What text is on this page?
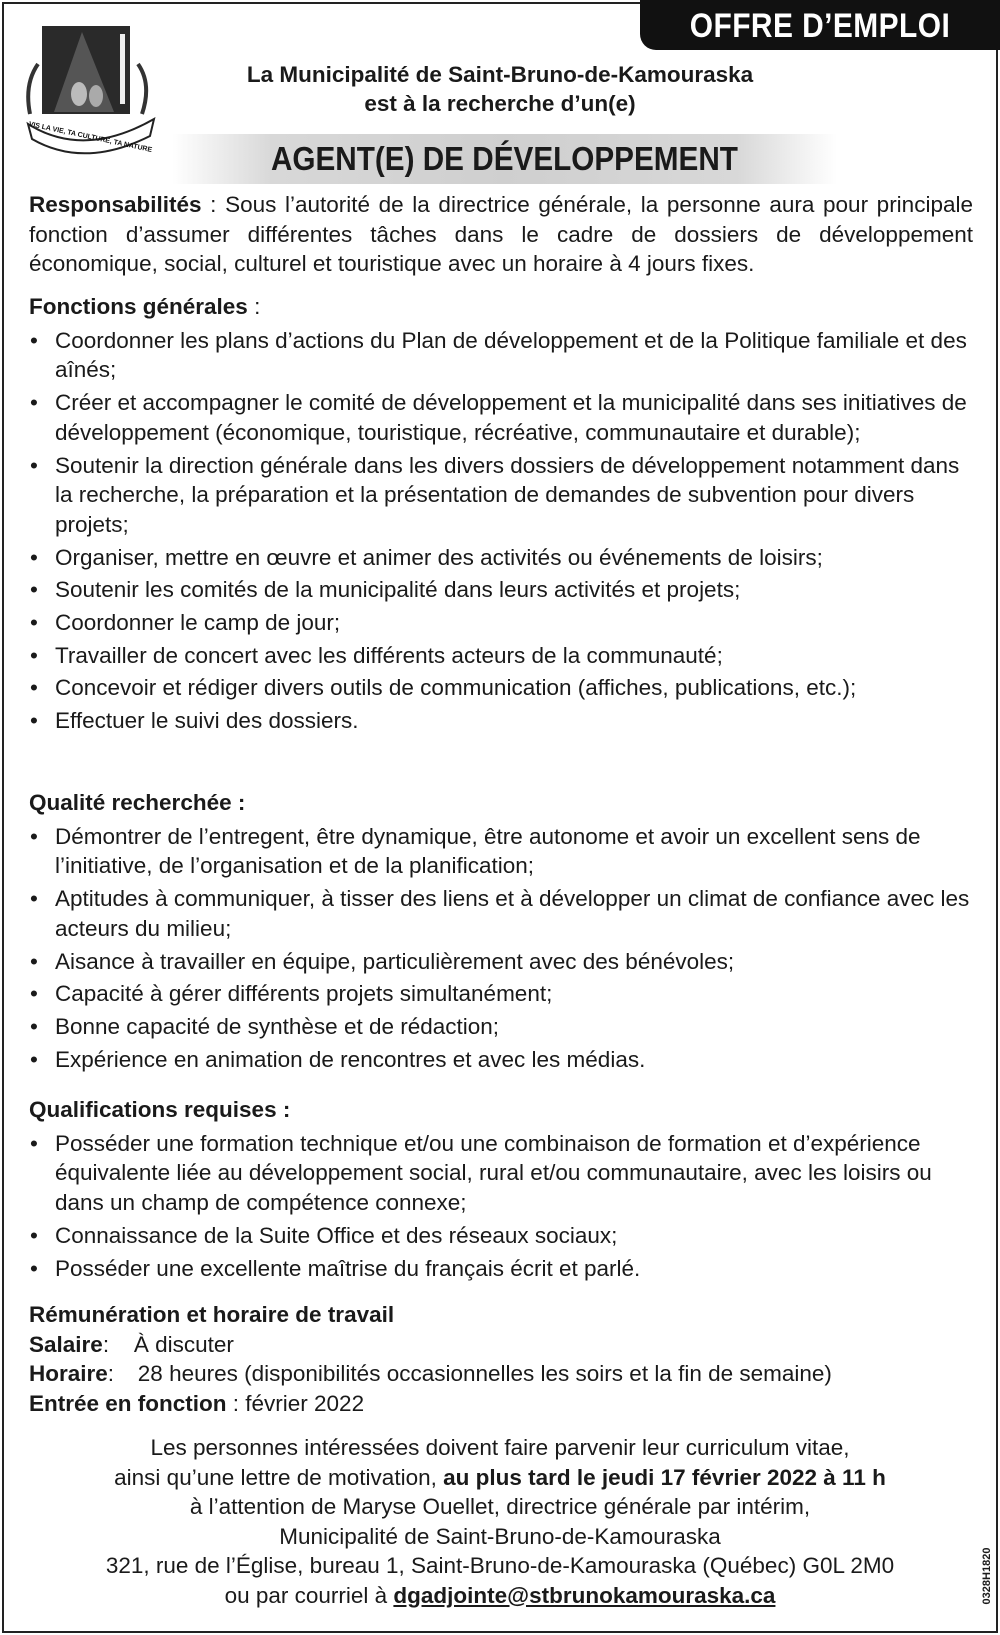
OFFRE D’EMPLOI
VIS LA VIE, TA CULTURE, TA NATURE
La Municipalité de Saint-Bruno-de-Kamouraska
est à la recherche d’un(e)
AGENT(E) DE DÉVELOPPEMENT
Responsabilités : Sous l’autorité de la directrice générale, la personne aura pour principale fonction d’assumer différentes tâches dans le cadre de dossiers de développement économique, social, culturel et touristique avec un horaire à 4 jours fixes.
Fonctions générales :
• Coordonner les plans d’actions du Plan de développement et de la Politique familiale et des aînés;
• Créer et accompagner le comité de développement et la municipalité dans ses initiatives de développement (économique, touristique, récréative, communautaire et durable);
• Soutenir la direction générale dans les divers dossiers de développement notamment dans la recherche, la préparation et la présentation de demandes de subvention pour divers projets;
• Organiser, mettre en œuvre et animer des activités ou événements de loisirs;
• Soutenir les comités de la municipalité dans leurs activités et projets;
• Coordonner le camp de jour;
• Travailler de concert avec les différents acteurs de la communauté;
• Concevoir et rédiger divers outils de communication (affiches, publications, etc.);
• Effectuer le suivi des dossiers.
Qualité recherchée :
• Démontrer de l’entregent, être dynamique, être autonome et avoir un excellent sens de l’initiative, de l’organisation et de la planification;
• Aptitudes à communiquer, à tisser des liens et à développer un climat de confiance avec les acteurs du milieu;
• Aisance à travailler en équipe, particulièrement avec des bénévoles;
• Capacité à gérer différents projets simultanément;
• Bonne capacité de synthèse et de rédaction;
• Expérience en animation de rencontres et avec les médias.
Qualifications requises :
• Posséder une formation technique et/ou une combinaison de formation et d’expérience équivalente liée au développement social, rural et/ou communautaire, avec les loisirs ou dans un champ de compétence connexe;
• Connaissance de la Suite Office et des réseaux sociaux;
• Posséder une excellente maîtrise du français écrit et parlé.
Rémunération et horaire de travail
Salaire: À discuter
Horaire: 28 heures (disponibilités occasionnelles les soirs et la fin de semaine)
Entrée en fonction : février 2022
Les personnes intéressées doivent faire parvenir leur curriculum vitae,
ainsi qu’une lettre de motivation, au plus tard le jeudi 17 février 2022 à 11 h
à l’attention de Maryse Ouellet, directrice générale par intérim,
Municipalité de Saint-Bruno-de-Kamouraska
321, rue de l’Église, bureau 1, Saint-Bruno-de-Kamouraska (Québec) G0L 2M0
ou par courriel à dgadjointe@stbrunokamouraska.ca	0328H1820
